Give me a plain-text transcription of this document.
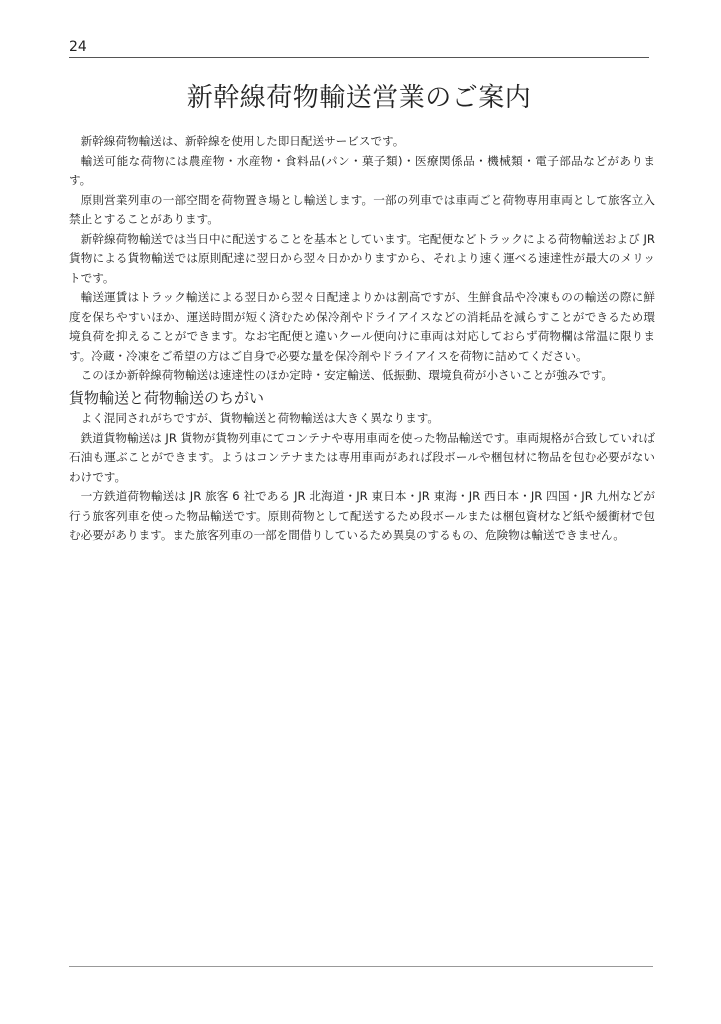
24
新幹線荷物輸送営業のご案内

新幹線荷物輸送は、新幹線を使用した即日配送サービスです。

輸送可能な荷物には農産物・水産物・食料品(パン・菓子類)・医療関係品・機械類・電子部品などがあります。

原則営業列車の一部空間を荷物置き場とし輸送します。一部の列車では車両ごと荷物専用車両として旅客立入禁止とすることがあります。

新幹線荷物輸送では当日中に配送することを基本としています。宅配便などトラックによる荷物輸送および JR 貨物による貨物輸送では原則配達に翌日から翌々日かかりますから、それより速く運べる速達性が最大のメリットです。

輸送運賃はトラック輸送による翌日から翌々日配達よりかは割高ですが、生鮮食品や冷凍ものの輸送の際に鮮度を保ちやすいほか、運送時間が短く済むため保冷剤やドライアイスなどの消耗品を減らすことができるため環境負荷を抑えることができます。なお宅配便と違いクール便向けに車両は対応しておらず荷物欄は常温に限ります。冷蔵・冷凍をご希望の方はご自身で必要な量を保冷剤やドライアイスを荷物に詰めてください。

このほか新幹線荷物輸送は速達性のほか定時・安定輸送、低振動、環境負荷が小さいことが強みです。

貨物輸送と荷物輸送のちがい

よく混同されがちですが、貨物輸送と荷物輸送は大きく異なります。

鉄道貨物輸送は JR 貨物が貨物列車にてコンテナや専用車両を使った物品輸送です。車両規格が合致していれば石油も運ぶことができます。ようはコンテナまたは専用車両があれば段ボールや梱包材に物品を包む必要がないわけです。

一方鉄道荷物輸送は JR 旅客 6 社である JR 北海道・JR 東日本・JR 東海・JR 西日本・JR 四国・JR 九州などが行う旅客列車を使った物品輸送です。原則荷物として配送するため段ボールまたは梱包資材など紙や緩衝材で包む必要があります。また旅客列車の一部を間借りしているため異臭のするもの、危険物は輸送できません。
